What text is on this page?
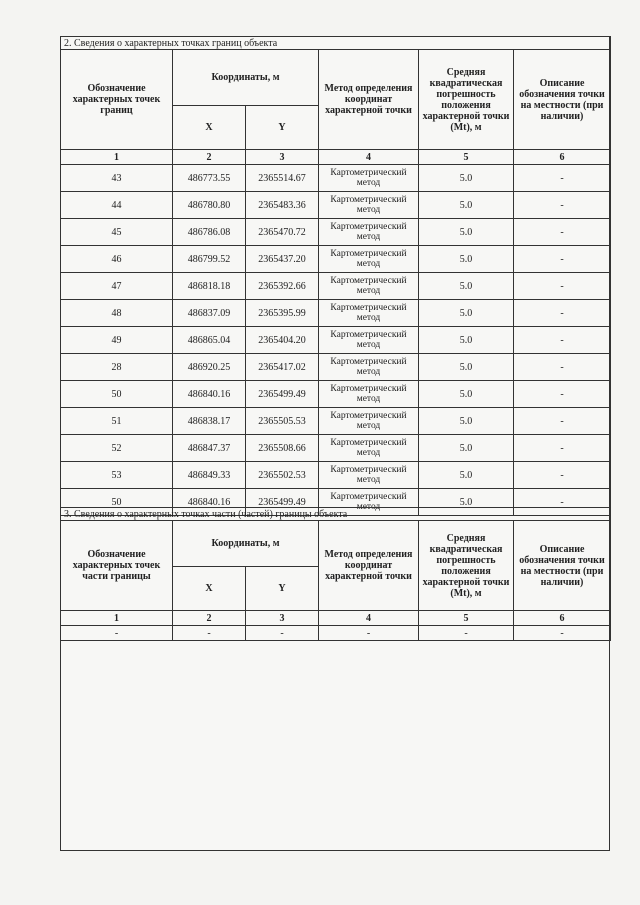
2. Сведения о характерных точках границ объекта					
Обозначение характерных точек границ	Координаты, м		Метод определения координат характерной точки	Средняя квадратическая погрешность положения характерной точки (Mt), м	Описание обозначения точки на местности (при наличии)
	X	Y			
1	2	3	4	5	6
43	486773.55	2365514.67	Картометрический метод	5.0	-
44	486780.80	2365483.36	Картометрический метод	5.0	-
45	486786.08	2365470.72	Картометрический метод	5.0	-
46	486799.52	2365437.20	Картометрический метод	5.0	-
47	486818.18	2365392.66	Картометрический метод	5.0	-
48	486837.09	2365395.99	Картометрический метод	5.0	-
49	486865.04	2365404.20	Картометрический метод	5.0	-
28	486920.25	2365417.02	Картометрический метод	5.0	-
50	486840.16	2365499.49	Картометрический метод	5.0	-
51	486838.17	2365505.53	Картометрический метод	5.0	-
52	486847.37	2365508.66	Картометрический метод	5.0	-
53	486849.33	2365502.53	Картометрический метод	5.0	-
50	486840.16	2365499.49	Картометрический метод	5.0	-
3. Сведения о характерных точках части (частей) границы объекта					
Обозначение характерных точек части границы	Координаты, м		Метод определения координат характерной точки	Средняя квадратическая погрешность положения характерной точки (Mt), м	Описание обозначения точки на местности (при наличии)
	X	Y			
1	2	3	4	5	6
-	-	-	-	-	-
